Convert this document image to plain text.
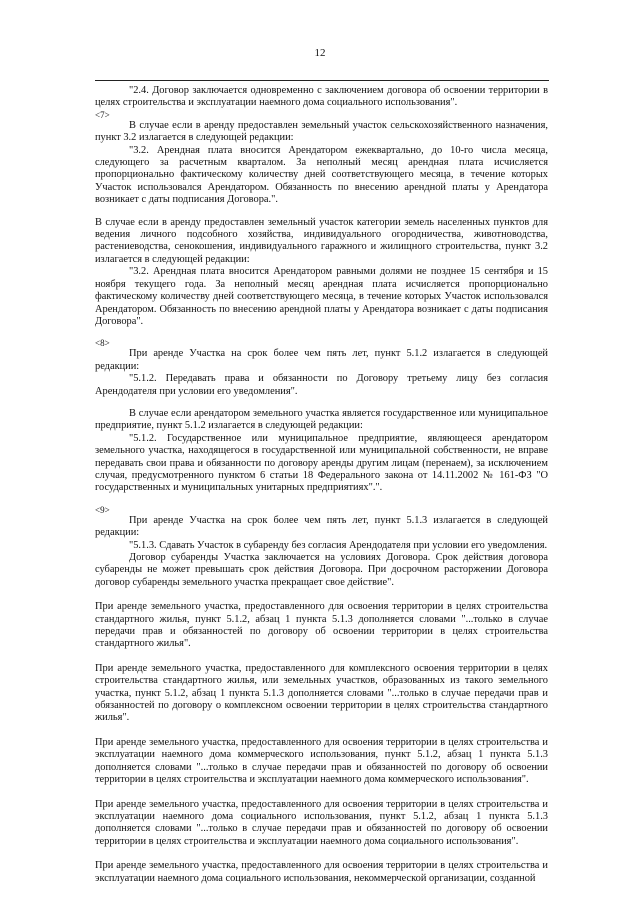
12

"2.4. Договор заключается одновременно с заключением договора об освоении территории в целях строительства и эксплуатации наемного дома социального использования".

<7>

В случае если в аренду предоставлен земельный участок сельскохозяйственного назначения, пункт 3.2 излагается в следующей редакции:

"3.2. Арендная плата вносится Арендатором ежеквартально, до 10-го числа месяца, следующего за расчетным кварталом. За неполный месяц арендная плата исчисляется пропорционально фактическому количеству дней соответствующего месяца, в течение которых Участок использовался Арендатором. Обязанность по внесению арендной платы у Арендатора возникает с даты подписания Договора.".

В случае если в аренду предоставлен земельный участок категории земель населенных пунктов для ведения личного подсобного хозяйства, индивидуального огородничества, животноводства, растениеводства, сенокошения, индивидуального гаражного и жилищного строительства, пункт 3.2 излагается в следующей редакции:

"3.2. Арендная плата вносится Арендатором равными долями не позднее 15 сентября и 15 ноября текущего года. За неполный месяц арендная плата исчисляется пропорционально фактическому количеству дней соответствующего месяца, в течение которых Участок использовался Арендатором. Обязанность по внесению арендной платы у Арендатора возникает с даты подписания Договора".

<8>

При аренде Участка на срок более чем пять лет, пункт 5.1.2 излагается в следующей редакции:

"5.1.2. Передавать права и обязанности по Договору третьему лицу без согласия Арендодателя при условии его уведомления".

В случае если арендатором земельного участка является государственное или муниципальное предприятие, пункт 5.1.2 излагается в следующей редакции:

"5.1.2. Государственное или муниципальное предприятие, являющееся арендатором земельного участка, находящегося в государственной или муниципальной собственности, не вправе передавать свои права и обязанности по договору аренды другим лицам (перенаем), за исключением случая, предусмотренного пунктом 6 статьи 18 Федерального закона от 14.11.2002 № 161-ФЗ "О государственных и муниципальных унитарных предприятиях".".

<9>

При аренде Участка на срок более чем пять лет, пункт 5.1.3 излагается в следующей редакции:

"5.1.3. Сдавать Участок в субаренду без согласия Арендодателя при условии его уведомления.

Договор субаренды Участка заключается на условиях Договора. Срок действия договора субаренды не может превышать срок действия Договора. При досрочном расторжении Договора договор субаренды земельного участка прекращает свое действие".

При аренде земельного участка, предоставленного для освоения территории в целях строительства стандартного жилья, пункт 5.1.2, абзац 1 пункта 5.1.3 дополняется словами "...только в случае передачи прав и обязанностей по договору об освоении территории в целях строительства стандартного жилья".

При аренде земельного участка, предоставленного для комплексного освоения территории в целях строительства стандартного жилья, или земельных участков, образованных из такого земельного участка, пункт 5.1.2, абзац 1 пункта 5.1.3 дополняется словами "...только в случае передачи прав и обязанностей по договору о комплексном освоении территории в целях строительства стандартного жилья".

При аренде земельного участка, предоставленного для освоения территории в целях строительства и эксплуатации наемного дома коммерческого использования, пункт 5.1.2, абзац 1 пункта 5.1.3 дополняется словами "...только в случае передачи прав и обязанностей по договору об освоении территории в целях строительства и эксплуатации наемного дома коммерческого использования".

При аренде земельного участка, предоставленного для освоения территории в целях строительства и эксплуатации наемного дома социального использования, пункт 5.1.2, абзац 1 пункта 5.1.3 дополняется словами "...только в случае передачи прав и обязанностей по договору об освоении территории в целях строительства и эксплуатации наемного дома социального использования".

При аренде земельного участка, предоставленного для освоения территории в целях строительства и эксплуатации наемного дома социального использования, некоммерческой организации, созданной
